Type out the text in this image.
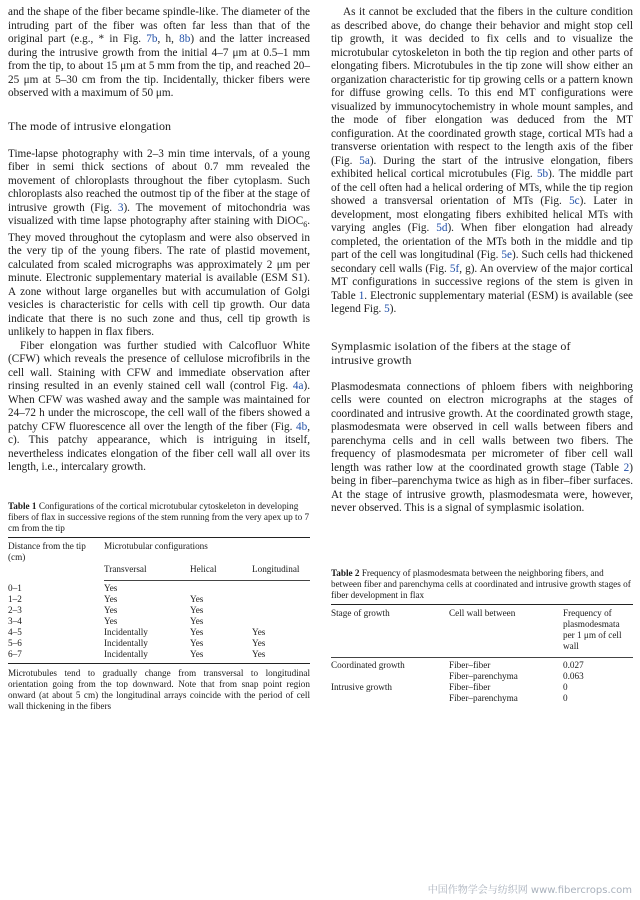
and the shape of the fiber became spindle-like. The diameter of the intruding part of the fiber was often far less than that of the original part (e.g., * in Fig. 7b, h, 8b) and the latter increased during the intrusive growth from the initial 4–7 μm at 0.5–1 mm from the tip, to about 15 μm at 5 mm from the tip, and reached 20–25 μm at 5–30 cm from the tip. Incidentally, thicker fibers were observed with a maximum of 50 μm.

The mode of intrusive elongation

Time-lapse photography with 2–3 min time intervals, of a young fiber in semi thick sections of about 0.7 mm revealed the movement of chloroplasts throughout the fiber cytoplasm. Such chloroplasts also reached the outmost tip of the fiber at the stage of intrusive growth (Fig. 3). The movement of mitochondria was visualized with time lapse photography after staining with DiOC$_6$. They moved throughout the cytoplasm and were also observed in the very tip of the young fibers. The rate of plastid movement, calculated from scaled micrographs was approximately 2 μm per minute. Electronic supplementary material is available (ESM S1). A zone without large organelles but with accumulation of Golgi vesicles is characteristic for cells with cell tip growth. Our data indicate that there is no such zone and thus, cell tip growth is unlikely to happen in flax fibers.

Fiber elongation was further studied with Calcofluor White (CFW) which reveals the presence of cellulose microfibrils in the cell wall. Staining with CFW and immediate observation after rinsing resulted in an evenly stained cell wall (control Fig. 4a). When CFW was washed away and the sample was maintained for 24–72 h under the microscope, the cell wall of the fibers showed a patchy CFW fluorescence all over the length of the fiber (Fig. 4b, c). This patchy appearance, which is intriguing in itself, nevertheless indicates elongation of the fiber cell wall all over its length, i.e., intercalary growth.

Table 1 Configurations of the cortical microtubular cytoskeleton in developing fibers of flax in successive regions of the stem running from the very apex up to 7 cm from the tip

Distance from the tip (cm)	Microtubular configurations		
	Transversal	Helical	Longitudinal

0–1	Yes		
1–2	Yes	Yes	
2–3	Yes	Yes	
3–4	Yes	Yes	
4–5	Incidentally	Yes	Yes
5–6	Incidentally	Yes	Yes
6–7	Incidentally	Yes	Yes

Microtubules tend to gradually change from transversal to longitudinal orientation going from the top downward. Note that from snap point region onward (at about 5 cm) the longitudinal arrays coincide with the period of cell wall thickening in the fibers

As it cannot be excluded that the fibers in the culture condition as described above, do change their behavior and might stop cell tip growth, it was decided to fix cells and to visualize the microtubular cytoskeleton in both the tip region and other parts of elongating fibers. Microtubules in the tip zone will show either an organization characteristic for tip growing cells or a pattern known for diffuse growing cells. To this end MT configurations were visualized by immunocytochemistry in whole mount samples, and the mode of fiber elongation was deduced from the MT configuration. At the coordinated growth stage, cortical MTs had a transverse orientation with respect to the length axis of the fiber (Fig. 5a). During the start of the intrusive elongation, fibers exhibited helical cortical microtubules (Fig. 5b). The middle part of the cell often had a helical ordering of MTs, while the tip region showed a transversal orientation of MTs (Fig. 5c). Later in development, most elongating fibers exhibited helical MTs with varying angles (Fig. 5d). When fiber elongation had already completed, the orientation of the MTs both in the middle and tip part of the cell was longitudinal (Fig. 5e). Such cells had thickened secondary cell walls (Fig. 5f, g). An overview of the major cortical MT configurations in successive regions of the stem is given in Table 1. Electronic supplementary material (ESM) is available (see legend Fig. 5).

Symplasmic isolation of the fibers at the stage of intrusive growth

Plasmodesmata connections of phloem fibers with neighboring cells were counted on electron micrographs at the stages of coordinated and intrusive growth. At the coordinated growth stage, plasmodesmata were observed in cell walls between fibers and parenchyma cells and in cell walls between two fibers. The frequency of plasmodesmata per micrometer of fiber cell wall length was rather low at the coordinated growth stage (Table 2) being in fiber–parenchyma twice as high as in fiber–fiber surfaces. At the stage of intrusive growth, plasmodesmata were, however, never observed. This is a signal of symplasmic isolation.

Table 2 Frequency of plasmodesmata between the neighboring fibers, and between fiber and parenchyma cells at coordinated and intrusive growth stages of fiber development in flax

Stage of growth	Cell wall between	Frequency of plasmodesmata per 1 μm of cell wall

Coordinated growth	Fiber–fiber	0.027
	Fiber–parenchyma	0.063
Intrusive growth	Fiber–fiber	0
	Fiber–parenchyma	0
中国作物学会与纺织网 www.fibercrops.com
